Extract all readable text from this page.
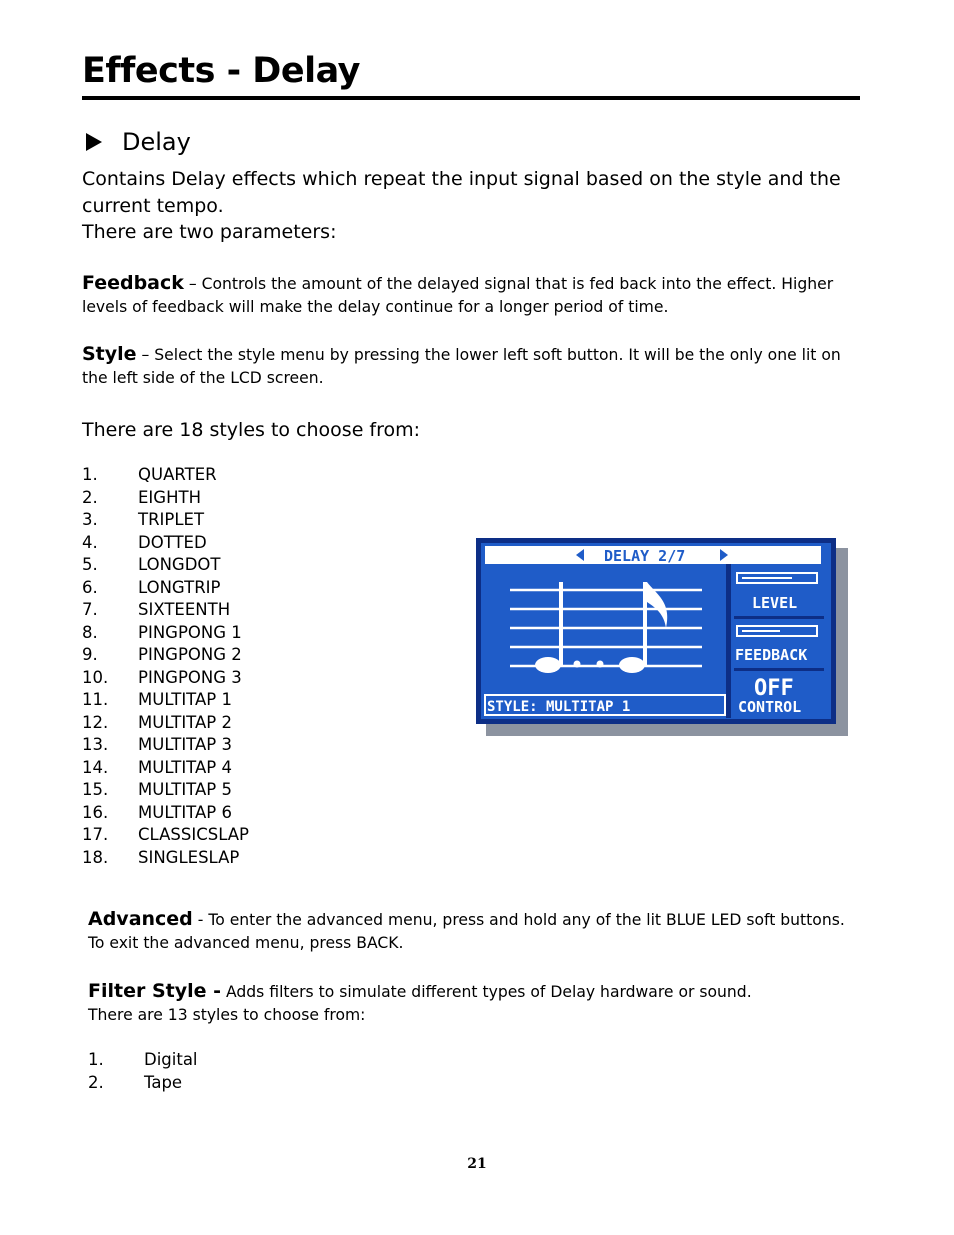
Effects - Delay
Delay

Contains Delay effects which repeat the input signal based on the style and the current tempo.

There are two parameters:

Feedback – Controls the amount of the delayed signal that is fed back into the effect. Higher levels of feedback will make the delay continue for a longer period of time.

Style – Select the style menu by pressing the lower left soft button. It will be the only one lit on the left side of the LCD screen.

There are 18 styles to choose from:

1. QUARTER
2. EIGHTH
3. TRIPLET
4. DOTTED
5. LONGDOT
6. LONGTRIP
7. SIXTEENTH
8. PINGPONG 1
9. PINGPONG 2
10. PINGPONG 3
11. MULTITAP 1
12. MULTITAP 2
13. MULTITAP 3
14. MULTITAP 4
15. MULTITAP 5
16. MULTITAP 6
17. CLASSICSLAP
18. SINGLESLAP
DELAY 2/7
LEVEL
FEEDBACK
OFF
CONTROL
STYLE: MULTITAP 1

Advanced - To enter the advanced menu, press and hold any of the lit BLUE LED soft buttons. To exit the advanced menu, press BACK.

Filter Style - Adds filters to simulate different types of Delay hardware or sound.

There are 13 styles to choose from:

1. Digital
2. Tape
21
